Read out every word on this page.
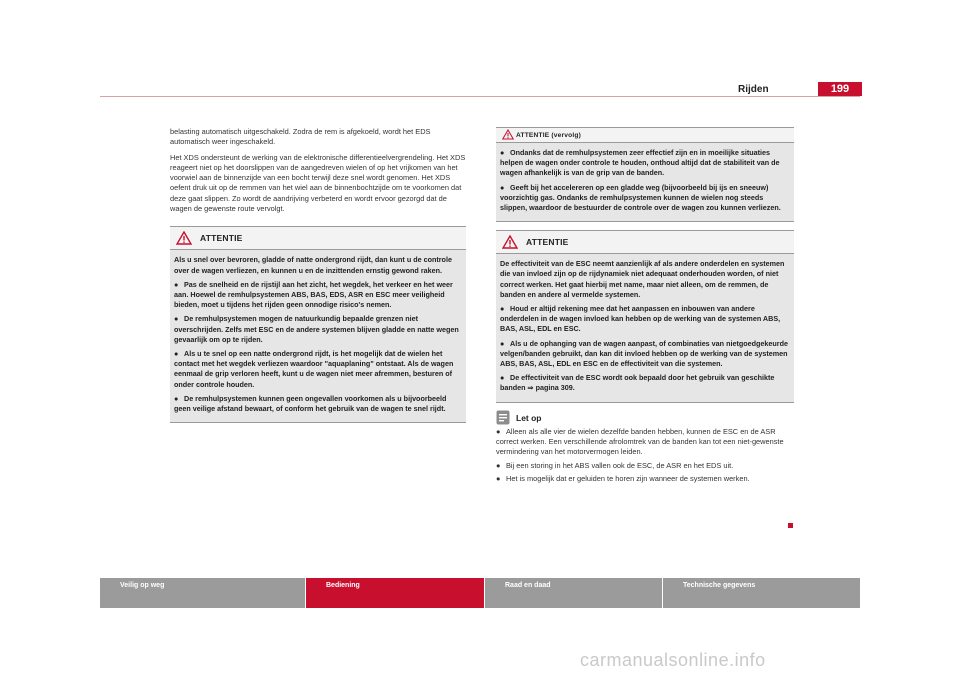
Rijden	199

belasting automatisch uitgeschakeld. Zodra de rem is afgekoeld, wordt het EDS automatisch weer ingeschakeld.

Het XDS ondersteunt de werking van de elektronische differentieelvergrendeling. Het XDS reageert niet op het doorslippen van de aangedreven wielen of op het vrijkomen van het voorwiel aan de binnenzijde van een bocht terwijl deze snel wordt genomen. Het XDS oefent druk uit op de remmen van het wiel aan de binnenbochtzijde om te voorkomen dat deze gaat slippen. Zo wordt de aandrijving verbeterd en wordt ervoor gezorgd dat de wagen de gewenste route vervolgt.

ATTENTIE

Als u snel over bevroren, gladde of natte ondergrond rijdt, dan kunt u de controle over de wagen verliezen, en kunnen u en de inzittenden ernstig gewond raken.

● Pas de snelheid en de rijstijl aan het zicht, het wegdek, het verkeer en het weer aan. Hoewel de remhulpsystemen ABS, BAS, EDS, ASR en ESC meer veiligheid bieden, moet u tijdens het rijden geen onnodige risico's nemen.

● De remhulpsystemen mogen de natuurkundig bepaalde grenzen niet overschrijden. Zelfs met ESC en de andere systemen blijven gladde en natte wegen gevaarlijk om op te rijden.

● Als u te snel op een natte ondergrond rijdt, is het mogelijk dat de wielen het contact met het wegdek verliezen waardoor "aquaplaning" ontstaat. Als de wagen eenmaal de grip verloren heeft, kunt u de wagen niet meer afremmen, besturen of onder controle houden.

● De remhulpsystemen kunnen geen ongevallen voorkomen als u bijvoorbeeld geen veilige afstand bewaart, of conform het gebruik van de wagen te snel rijdt.

ATTENTIE (vervolg)

● Ondanks dat de remhulpsystemen zeer effectief zijn en in moeilijke situaties helpen de wagen onder controle te houden, onthoud altijd dat de stabiliteit van de wagen afhankelijk is van de grip van de banden.

● Geeft bij het accelereren op een gladde weg (bijvoorbeeld bij ijs en sneeuw) voorzichtig gas. Ondanks de remhulpsystemen kunnen de wielen nog steeds slippen, waardoor de bestuurder de controle over de wagen zou kunnen verliezen.

ATTENTIE

De effectiviteit van de ESC neemt aanzienlijk af als andere onderdelen en systemen die van invloed zijn op de rijdynamiek niet adequaat onderhouden worden, of niet correct werken. Het gaat hierbij met name, maar niet alleen, om de remmen, de banden en andere al vermelde systemen.

● Houd er altijd rekening mee dat het aanpassen en inbouwen van andere onderdelen in de wagen invloed kan hebben op de werking van de systemen ABS, BAS, ASL, EDL en ESC.

● Als u de ophanging van de wagen aanpast, of combinaties van nietgoedgekeurde velgen/banden gebruikt, dan kan dit invloed hebben op de werking van de systemen ABS, BAS, ASL, EDL en ESC en de effectiviteit van die systemen.

● De effectiviteit van de ESC wordt ook bepaald door het gebruik van geschikte banden ⇒ pagina 309.

Let op

● Alleen als alle vier de wielen dezelfde banden hebben, kunnen de ESC en de ASR correct werken. Een verschillende afrolomtrek van de banden kan tot een niet-gewenste vermindering van het motorvermogen leiden.

● Bij een storing in het ABS vallen ook de ESC, de ASR en het EDS uit.

● Het is mogelijk dat er geluiden te horen zijn wanneer de systemen werken.

Veilig op weg	Bediening	Raad en daad	Technische gegevens
carmanualsonline.info
